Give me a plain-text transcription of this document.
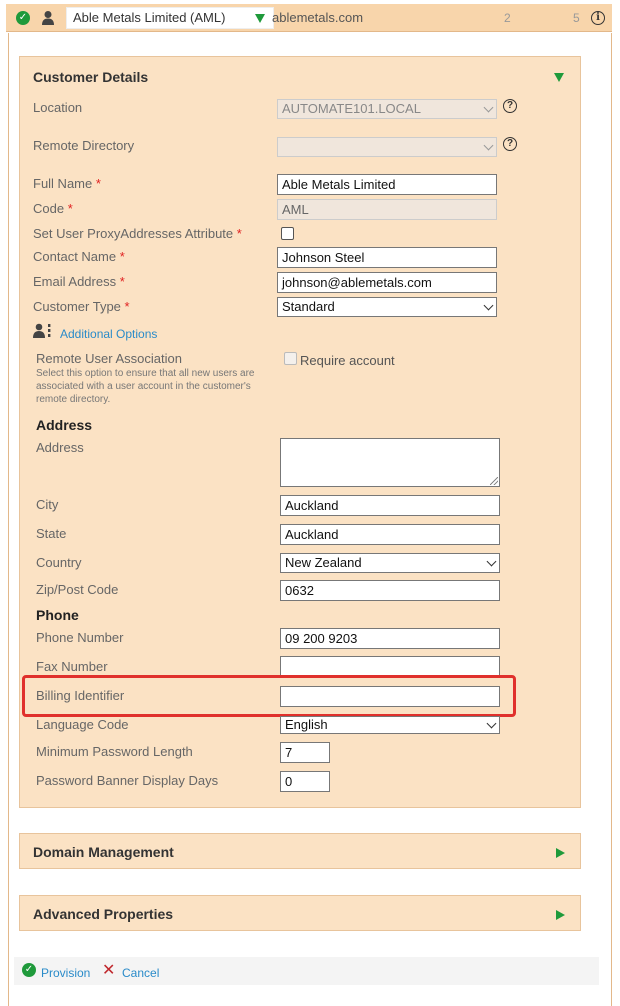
✓	Able Metals Limited (AML)	ablemetals.com	2	5	i
Customer Details
Location	AUTOMATE101.LOCAL	?
Remote Directory	?
Full Name *	Able Metals Limited
Code *	AML
Set User ProxyAddresses Attribute *
Contact Name *	Johnson Steel
Email Address *	johnson@ablemetals.com
Customer Type *	Standard
Additional Options
Remote User Association
Select this option to ensure that all new users are associated with a user account in the customer's remote directory.
Require account
Address
Address
City	Auckland
State	Auckland
Country	New Zealand
Zip/Post Code	0632
Phone
Phone Number	09 200 9203
Fax Number
Billing Identifier
Language Code	English
Minimum Password Length	7
Password Banner Display Days	0
Domain Management
Advanced Properties
✓ Provision ✕ Cancel
